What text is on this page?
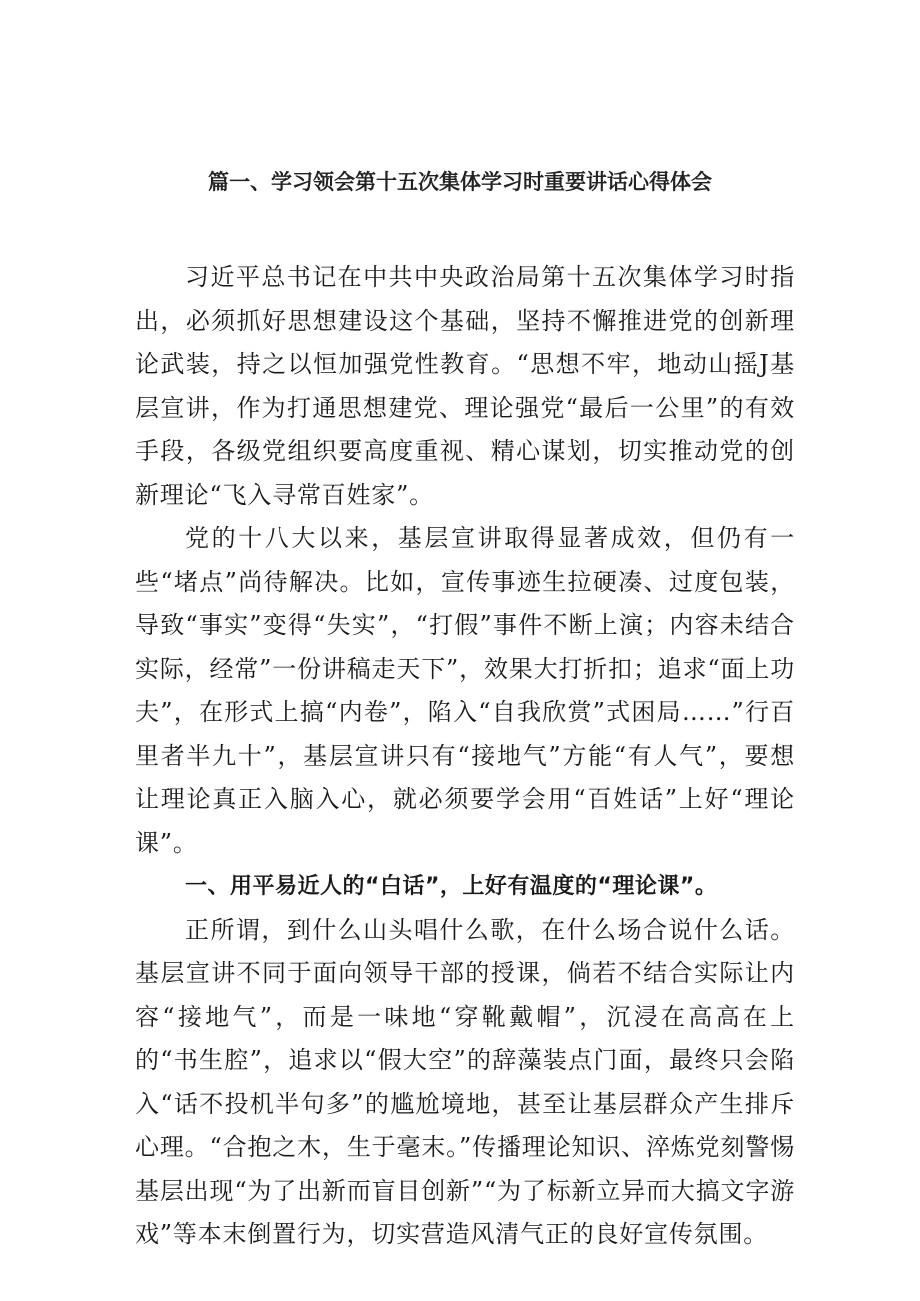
篇一、学习领会第十五次集体学习时重要讲话心得体会

习近平总书记在中共中央政治局第十五次集体学习时指出，必须抓好思想建设这个基础，坚持不懈推进党的创新理论武装，持之以恒加强党性教育。“思想不牢，地动山摇J基层宣讲，作为打通思想建党、理论强党“最后一公里”的有效手段，各级党组织要高度重视、精心谋划，切实推动党的创新理论“飞入寻常百姓家”。

党的十八大以来，基层宣讲取得显著成效，但仍有一些“堵点”尚待解决。比如，宣传事迹生拉硬凑、过度包装，导致“事实”变得“失实”，“打假”事件不断上演；内容未结合实际，经常”一份讲稿走天下”，效果大打折扣；追求“面上功夫”，在形式上搞“内卷”，陷入“自我欣赏”式困局……”行百里者半九十”，基层宣讲只有“接地气”方能“有人气”，要想让理论真正入脑入心，就必须要学会用“百姓话”上好“理论课”。

一、用平易近人的“白话”，上好有温度的“理论课”。

正所谓，到什么山头唱什么歌，在什么场合说什么话。基层宣讲不同于面向领导干部的授课，倘若不结合实际让内容“接地气”，而是一味地“穿靴戴帽”，沉浸在高高在上的“书生腔”，追求以“假大空”的辞藻装点门面，最终只会陷入“话不投机半句多”的尴尬境地，甚至让基层群众产生排斥心理。“合抱之木，生于毫末。”传播理论知识、淬炼党刻警惕基层出现“为了出新而盲目创新”“为了标新立异而大搞文字游戏”等本末倒置行为，切实营造风清气正的良好宣传氛围。
